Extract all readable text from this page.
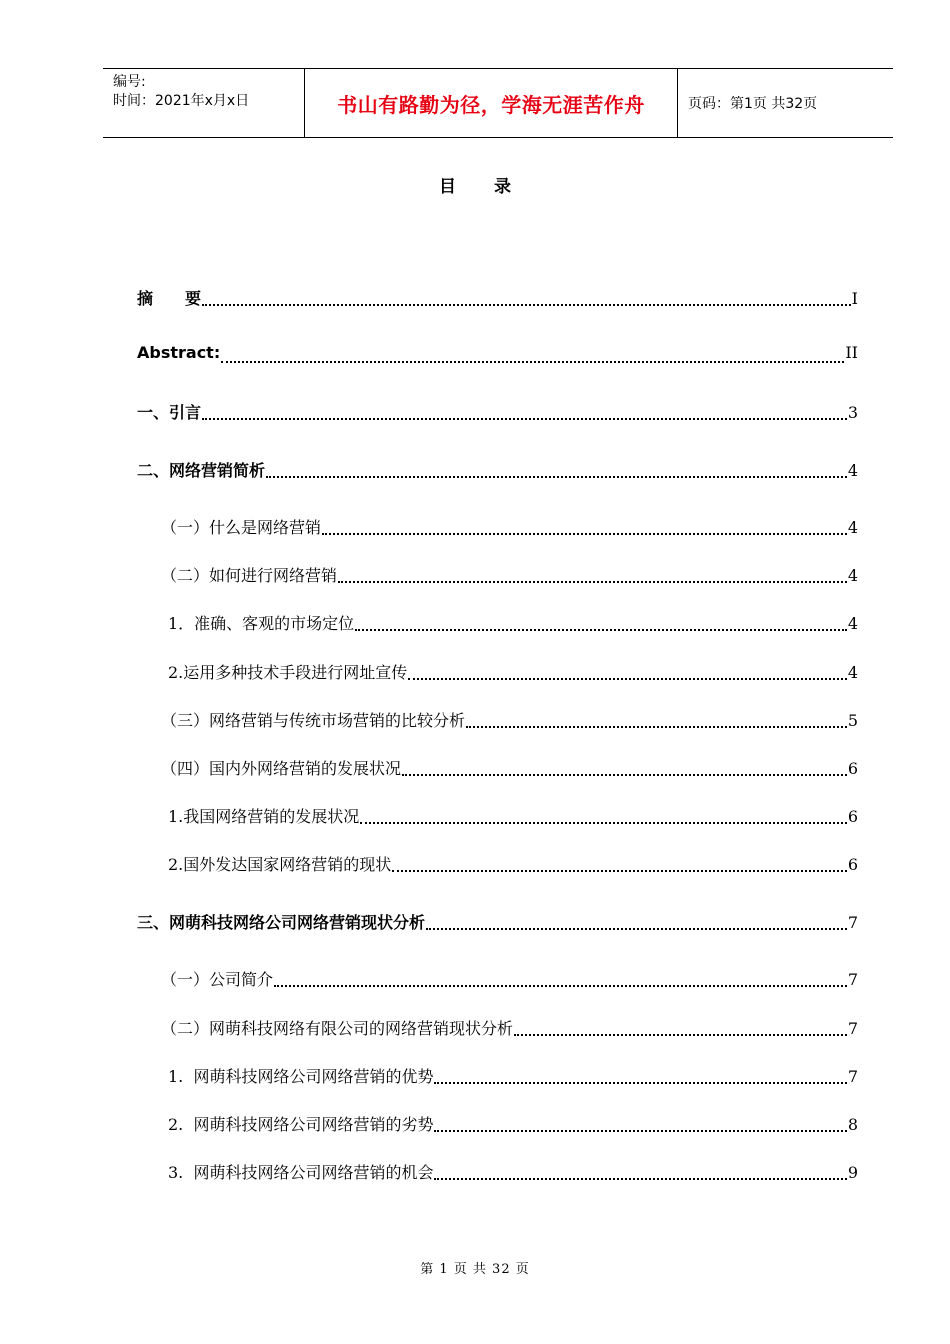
编号:
时间：2021年x月x日	书山有路勤为径，学海无涯苦作舟	页码：第1页 共32页
目 录
摘　　要	I
Abstract:	II
一、引言	3
二、网络营销简析	4
（一）什么是网络营销	4
（二）如何进行网络营销	4
1．准确、客观的市场定位	4
2.运用多种技术手段进行网址宣传	4
（三）网络营销与传统市场营销的比较分析	5
（四）国内外网络营销的发展状况	6
1.我国网络营销的发展状况	6
2.国外发达国家网络营销的现状	6
三、网萌科技网络公司网络营销现状分析	7
（一）公司简介	7
（二）网萌科技网络有限公司的网络营销现状分析	7
1.  网萌科技网络公司网络营销的优势	7
2.  网萌科技网络公司网络营销的劣势	8
3.  网萌科技网络公司网络营销的机会	9
第 1 页 共 32 页
